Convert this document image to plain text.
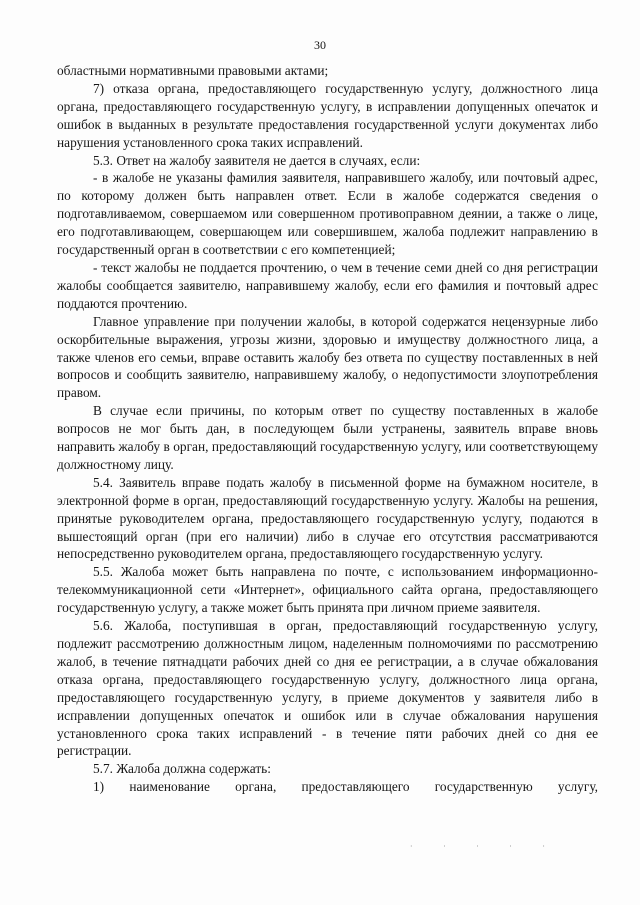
30

областными нормативными правовыми актами;

7) отказа органа, предоставляющего государственную услугу, должностного лица органа, предоставляющего государственную услугу, в исправлении допущенных опечаток и ошибок в выданных в результате предоставления государственной услуги документах либо нарушения установленного срока таких исправлений.

5.3. Ответ на жалобу заявителя не дается в случаях, если:

- в жалобе не указаны фамилия заявителя, направившего жалобу, или почтовый адрес, по которому должен быть направлен ответ. Если в жалобе содержатся сведения о подготавливаемом, совершаемом или совершенном противоправном деянии, а также о лице, его подготавливающем, совершающем или совершившем, жалоба подлежит направлению в государственный орган в соответствии с его компетенцией;

- текст жалобы не поддается прочтению, о чем в течение семи дней со дня регистрации жалобы сообщается заявителю, направившему жалобу, если его фамилия и почтовый адрес поддаются прочтению.

Главное управление при получении жалобы, в которой содержатся нецензурные либо оскорбительные выражения, угрозы жизни, здоровью и имуществу должностного лица, а также членов его семьи, вправе оставить жалобу без ответа по существу поставленных в ней вопросов и сообщить заявителю, направившему жалобу, о недопустимости злоупотребления правом.

В случае если причины, по которым ответ по существу поставленных в жалобе вопросов не мог быть дан, в последующем были устранены, заявитель вправе вновь направить жалобу в орган, предоставляющий государственную услугу, или соответствующему должностному лицу.

5.4. Заявитель вправе подать жалобу в письменной форме на бумажном носителе, в электронной форме в орган, предоставляющий государственную услугу. Жалобы на решения, принятые руководителем органа, предоставляющего государственную услугу, подаются в вышестоящий орган (при его наличии) либо в случае его отсутствия рассматриваются непосредственно руководителем органа, предоставляющего государственную услугу.

5.5. Жалоба может быть направлена по почте, с использованием информационно-телекоммуникационной сети «Интернет», официального сайта органа, предоставляющего государственную услугу, а также может быть принята при личном приеме заявителя.

5.6. Жалоба, поступившая в орган, предоставляющий государственную услугу, подлежит рассмотрению должностным лицом, наделенным полномочиями по рассмотрению жалоб, в течение пятнадцати рабочих дней со дня ее регистрации, а в случае обжалования отказа органа, предоставляющего государственную услугу, должностного лица органа, предоставляющего государственную услугу, в приеме документов у заявителя либо в исправлении допущенных опечаток и ошибок или в случае обжалования нарушения установленного срока таких исправлений - в течение пяти рабочих дней со дня ее регистрации.

5.7. Жалоба должна содержать:

1) наименование органа, предоставляющего государственную услугу,

· · · · ·
